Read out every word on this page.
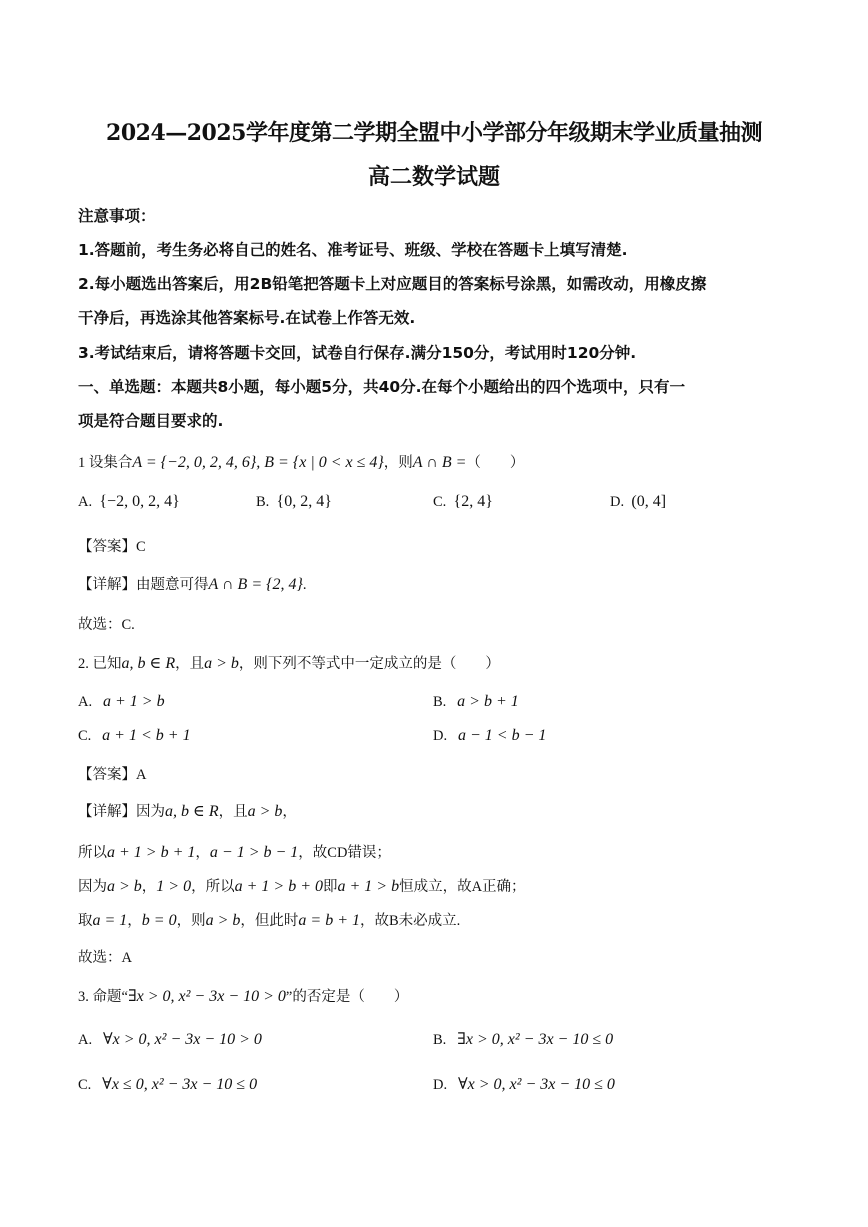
2024—2025学年度第二学期全盟中小学部分年级期末学业质量抽测
高二数学试题
注意事项：
1.答题前，考生务必将自己的姓名、准考证号、班级、学校在答题卡上填写清楚.
2.每小题选出答案后，用2B铅笔把答题卡上对应题目的答案标号涂黑，如需改动，用橡皮擦
干净后，再选涂其他答案标号.在试卷上作答无效.
3.考试结束后，请将答题卡交回，试卷自行保存.满分150分，考试用时120分钟.
一、单选题：本题共8小题，每小题5分，共40分.在每个小题给出的四个选项中，只有一
项是符合题目要求的.
1 设集合A = {−2, 0, 2, 4, 6}, B = {x | 0 < x ≤ 4}，则A ∩ B =（　　）
A. {−2, 0, 2, 4}	B. {0, 2, 4}	C. {2, 4}	D. (0, 4]
【答案】C
【详解】由题意可得A ∩ B = {2, 4}.
故选：C.
2. 已知a, b ∈ R，且a > b，则下列不等式中一定成立的是（　　）
A. a + 1 > b	B. a > b + 1
C. a + 1 < b + 1	D. a − 1 < b − 1
【答案】A
【详解】因为a, b ∈ R，且a > b，
所以a + 1 > b + 1，a − 1 > b − 1，故CD错误；
因为a > b，1 > 0，所以a + 1 > b + 0即a + 1 > b恒成立，故A正确；
取a = 1，b = 0，则a > b，但此时a = b + 1，故B未必成立.
故选：A
3. 命题“∃x > 0, x² − 3x − 10 > 0”的否定是（　　）
A. ∀x > 0, x² − 3x − 10 > 0	B. ∃x > 0, x² − 3x − 10 ≤ 0
C. ∀x ≤ 0, x² − 3x − 10 ≤ 0	D. ∀x > 0, x² − 3x − 10 ≤ 0
